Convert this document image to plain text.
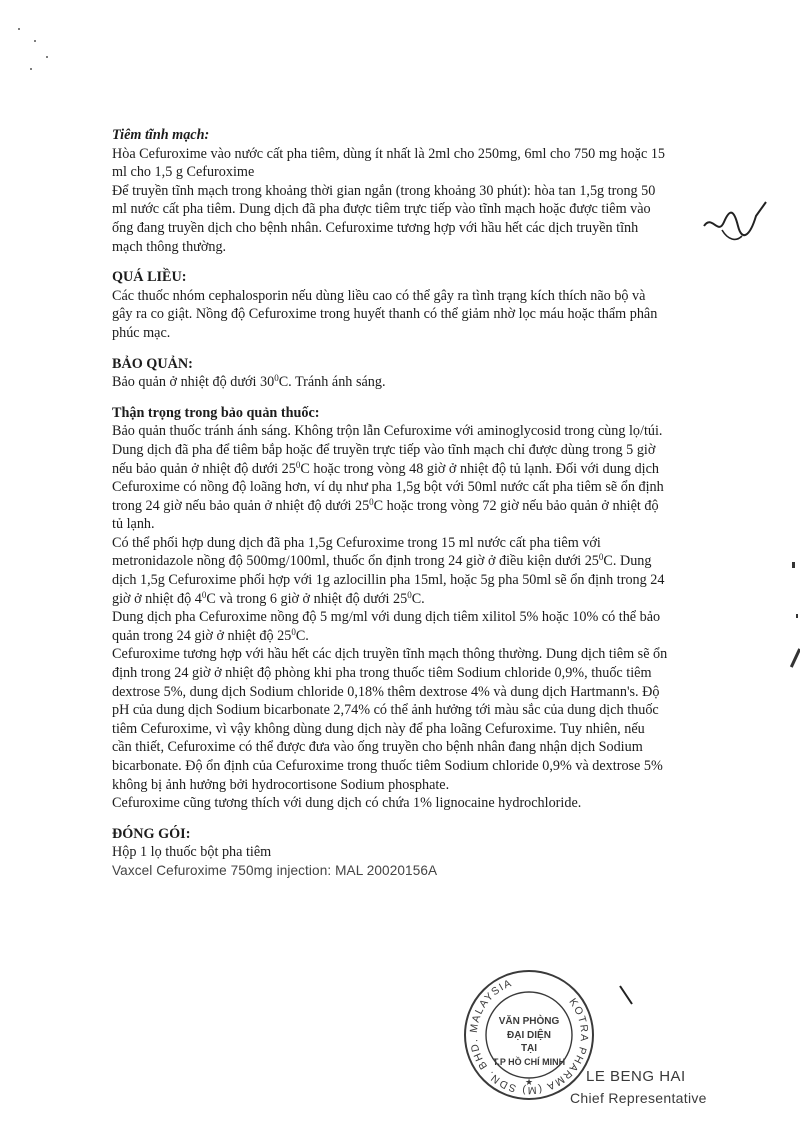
Tiêm tĩnh mạch:

Hòa Cefuroxime vào nước cất pha tiêm, dùng ít nhất là 2ml cho 250mg, 6ml cho 750 mg hoặc 15

ml cho 1,5 g Cefuroxime

Để truyền tĩnh mạch trong khoảng thời gian ngắn (trong khoảng 30 phút): hòa tan 1,5g trong 50

ml nước cất pha tiêm. Dung dịch đã pha được tiêm trực tiếp vào tĩnh mạch hoặc được tiêm vào

ống đang truyền dịch cho bệnh nhân. Cefuroxime tương hợp với hầu hết các dịch truyền tĩnh

mạch thông thường.

QUÁ LIỀU:

Các thuốc nhóm cephalosporin nếu dùng liều cao có thể gây ra tình trạng kích thích não bộ và

gây ra co giật. Nồng độ Cefuroxime trong huyết thanh có thể giảm nhờ lọc máu hoặc thẩm phân

phúc mạc.

BẢO QUẢN:

Bảo quản ở nhiệt độ dưới $30^0C$. Tránh ánh sáng.

Thận trọng trong bảo quản thuốc:

Bảo quản thuốc tránh ánh sáng. Không trộn lẫn Cefuroxime với aminoglycosid trong cùng lọ/túi.

Dung dịch đã pha để tiêm bắp hoặc để truyền trực tiếp vào tĩnh mạch chỉ được dùng trong 5 giờ

nếu bảo quản ở nhiệt độ dưới $25^0C$ hoặc trong vòng 48 giờ ở nhiệt độ tủ lạnh. Đối với dung dịch

Cefuroxime có nồng độ loãng hơn, ví dụ như pha 1,5g bột với 50ml nước cất pha tiêm sẽ ổn định

trong 24 giờ nếu bảo quản ở nhiệt độ dưới $25^0C$ hoặc trong vòng 72 giờ nếu bảo quản ở nhiệt độ

tủ lạnh.

Có thể phối hợp dung dịch đã pha 1,5g Cefuroxime trong 15 ml nước cất pha tiêm với

metronidazole nồng độ 500mg/100ml, thuốc ổn định trong 24 giờ ở điều kiện dưới $25^0C$. Dung

dịch 1,5g Cefuroxime phối hợp với 1g azlocillin pha 15ml, hoặc 5g pha 50ml sẽ ổn định trong 24

giờ ở nhiệt độ $4^0C$ và trong 6 giờ ở nhiệt độ dưới $25^0C$.

Dung dịch pha Cefuroxime nồng độ 5 mg/ml với dung dịch tiêm xilitol 5% hoặc 10% có thể bảo

quản trong 24 giờ ở nhiệt độ $25^0C$.

Cefuroxime tương hợp với hầu hết các dịch truyền tĩnh mạch thông thường. Dung dịch tiêm sẽ ổn

định trong 24 giờ ở nhiệt độ phòng khi pha trong thuốc tiêm Sodium chloride 0,9%, thuốc tiêm

dextrose 5%, dung dịch Sodium chloride 0,18% thêm dextrose 4% và dung dịch Hartmann's. Độ

pH của dung dịch Sodium bicarbonate 2,74% có thể ảnh hưởng tới màu sắc của dung dịch thuốc

tiêm Cefuroxime, vì vậy không dùng dung dịch này để pha loãng Cefuroxime. Tuy nhiên, nếu

cần thiết, Cefuroxime có thể được đưa vào ống truyền cho bệnh nhân đang nhận dịch Sodium

bicarbonate. Độ ổn định của Cefuroxime trong thuốc tiêm Sodium chloride 0,9% và dextrose 5%

không bị ảnh hưởng bởi hydrocortisone Sodium phosphate.

Cefuroxime cũng tương thích với dung dịch có chứa 1% lignocaine hydrochloride.

ĐÓNG GÓI:

Hộp 1 lọ thuốc bột pha tiêm

Vaxcel Cefuroxime 750mg injection: MAL 20020156A

KOTRA PHARMA (M) SDN. BHD. MALAYSIA
VĂN PHÒNG
ĐẠI DIỆN
TẠI
T.P HỒ CHÍ MINH
★	LE BENG HAI
Chief Representative
